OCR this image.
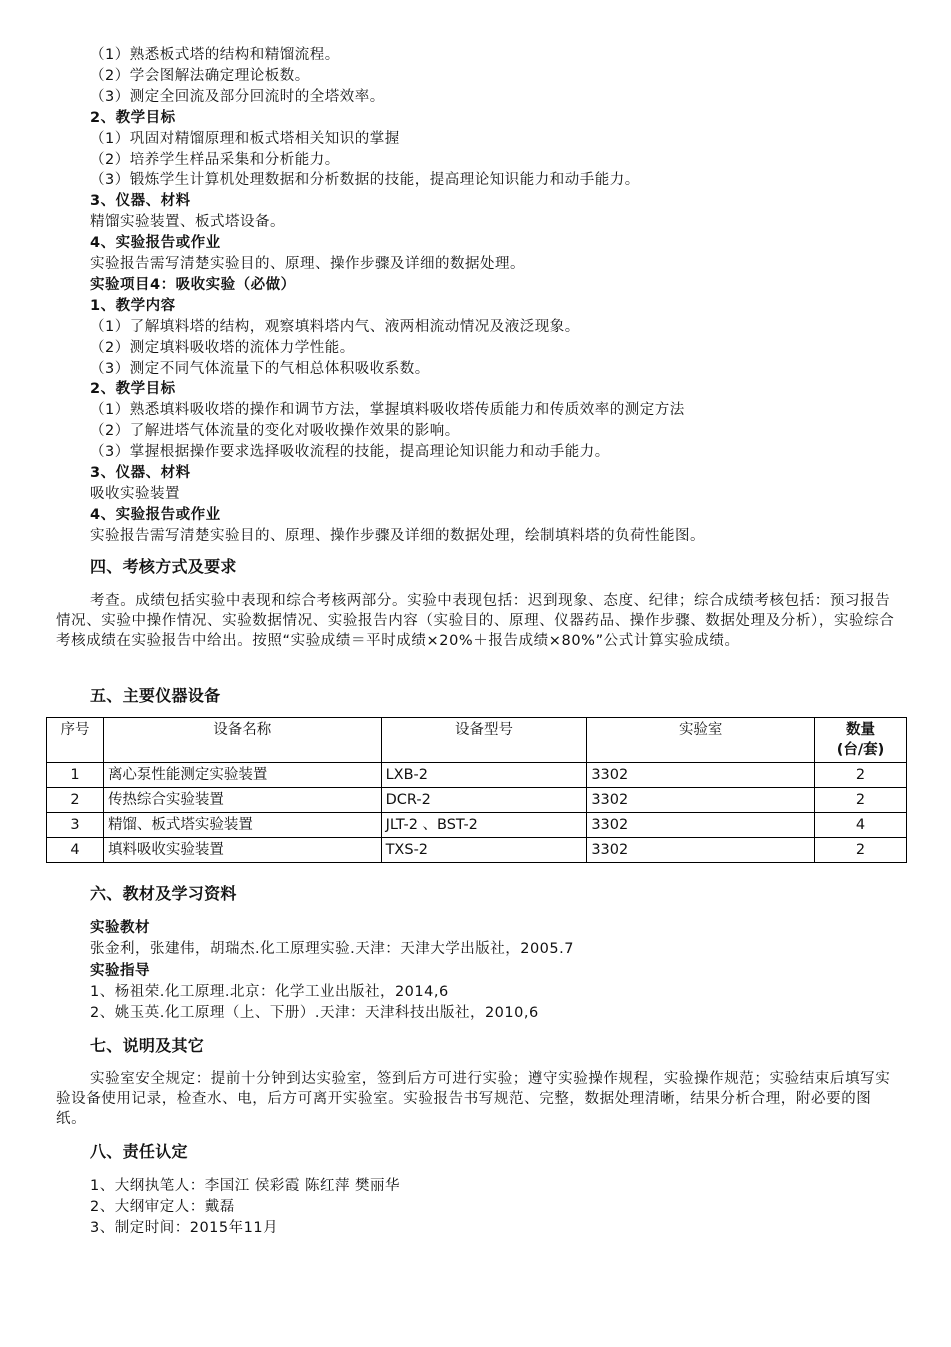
（1）熟悉板式塔的结构和精馏流程。
（2）学会图解法确定理论板数。
（3）测定全回流及部分回流时的全塔效率。
2、教学目标
（1）巩固对精馏原理和板式塔相关知识的掌握
（2）培养学生样品采集和分析能力。
（3）锻炼学生计算机处理数据和分析数据的技能，提高理论知识能力和动手能力。
3、仪器、材料
精馏实验装置、板式塔设备。
4、实验报告或作业
实验报告需写清楚实验目的、原理、操作步骤及详细的数据处理。
实验项目4：吸收实验（必做）
1、教学内容
（1）了解填料塔的结构，观察填料塔内气、液两相流动情况及液泛现象。
（2）测定填料吸收塔的流体力学性能。
（3）测定不同气体流量下的气相总体积吸收系数。
2、教学目标
（1）熟悉填料吸收塔的操作和调节方法，掌握填料吸收塔传质能力和传质效率的测定方法
（2）了解进塔气体流量的变化对吸收操作效果的影响。
（3）掌握根据操作要求选择吸收流程的技能，提高理论知识能力和动手能力。
3、仪器、材料
吸收实验装置
4、实验报告或作业
实验报告需写清楚实验目的、原理、操作步骤及详细的数据处理，绘制填料塔的负荷性能图。
四、考核方式及要求
考查。成绩包括实验中表现和综合考核两部分。实验中表现包括：迟到现象、态度、纪律；综合成绩考核包括：预习报告情况、实验中操作情况、实验数据情况、实验报告内容（实验目的、原理、仪器药品、操作步骤、数据处理及分析），实验综合考核成绩在实验报告中给出。按照“实验成绩＝平时成绩×20%＋报告成绩×80%”公式计算实验成绩。
五、主要仪器设备
序号	设备名称	设备型号	实验室	数量
(台/套)

1	离心泵性能测定实验装置	LXB-2	3302	2
2	传热综合实验装置	DCR-2	3302	2
3	精馏、板式塔实验装置	JLT-2 、BST-2	3302	4
4	填料吸收实验装置	TXS-2	3302	2
六、教材及学习资料
实验教材
张金利，张建伟，胡瑞杰.化工原理实验.天津：天津大学出版社，2005.7
实验指导
1、杨祖荣.化工原理.北京：化学工业出版社，2014,6
2、姚玉英.化工原理（上、下册）.天津：天津科技出版社，2010,6
七、说明及其它
实验室安全规定：提前十分钟到达实验室，签到后方可进行实验；遵守实验操作规程，实验操作规范；实验结束后填写实验设备使用记录，检查水、电，后方可离开实验室。实验报告书写规范、完整，数据处理清晰，结果分析合理，附必要的图纸。
八、责任认定
1、大纲执笔人：李国江 侯彩霞 陈红萍 樊丽华
2、大纲审定人：戴磊
3、制定时间：2015年11月
